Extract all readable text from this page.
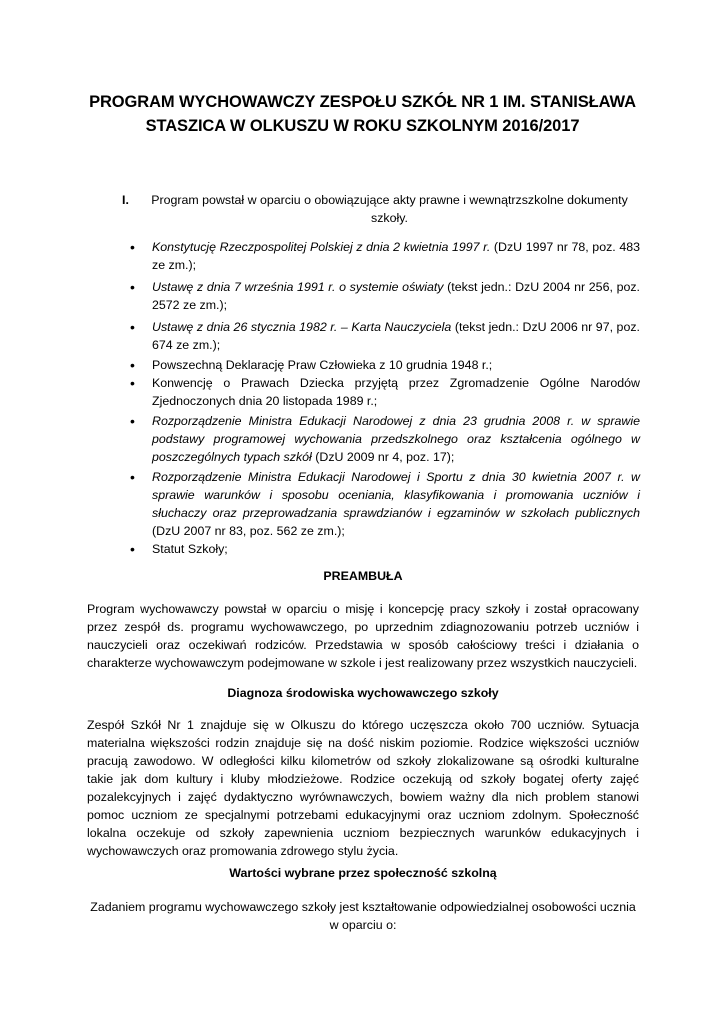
PROGRAM WYCHOWAWCZY ZESPOŁU SZKÓŁ NR 1 IM. STANISŁAWA STASZICA W OLKUSZU W ROKU SZKOLNYM 2016/2017
I.	Program powstał w oparciu o obowiązujące akty prawne i wewnątrzszkolne dokumenty szkoły.
• Konstytucję Rzeczpospolitej Polskiej z dnia 2 kwietnia 1997 r. (DzU 1997 nr 78, poz. 483 ze zm.);
• Ustawę z dnia 7 września 1991 r. o systemie oświaty (tekst jedn.: DzU 2004 nr 256, poz. 2572 ze zm.);
• Ustawę z dnia 26 stycznia 1982 r. – Karta Nauczyciela (tekst jedn.: DzU 2006 nr 97, poz. 674 ze zm.);
• Powszechną Deklarację Praw Człowieka z 10 grudnia 1948 r.;
• Konwencję o Prawach Dziecka przyjętą przez Zgromadzenie Ogólne Narodów Zjednoczonych dnia 20 listopada 1989 r.;
• Rozporządzenie Ministra Edukacji Narodowej z dnia 23 grudnia 2008 r. w sprawie podstawy programowej wychowania przedszkolnego oraz kształcenia ogólnego w poszczególnych typach szkół (DzU 2009 nr 4, poz. 17);
• Rozporządzenie Ministra Edukacji Narodowej i Sportu z dnia 30 kwietnia 2007 r. w sprawie warunków i sposobu oceniania, klasyfikowania i promowania uczniów i słuchaczy oraz przeprowadzania sprawdzianów i egzaminów w szkołach publicznych (DzU 2007 nr 83, poz. 562 ze zm.);
• Statut Szkoły;
PREAMBUŁA
Program wychowawczy powstał w oparciu o misję i koncepcję pracy szkoły i został opracowany przez zespół ds. programu wychowawczego, po uprzednim zdiagnozowaniu potrzeb uczniów i nauczycieli oraz oczekiwań rodziców. Przedstawia w sposób całościowy treści i działania o charakterze wychowawczym podejmowane w szkole i jest realizowany przez wszystkich nauczycieli.
Diagnoza środowiska wychowawczego szkoły
Zespół Szkół Nr 1 znajduje się w Olkuszu do którego uczęszcza około 700 uczniów. Sytuacja materialna większości rodzin znajduje się na dość niskim poziomie. Rodzice większości uczniów pracują zawodowo. W odległości kilku kilometrów od szkoły zlokalizowane są ośrodki kulturalne takie jak dom kultury i kluby młodzieżowe. Rodzice oczekują od szkoły bogatej oferty zajęć pozalekcyjnych i zajęć dydaktyczno wyrównawczych, bowiem ważny dla nich problem stanowi pomoc uczniom ze specjalnymi potrzebami edukacyjnymi oraz uczniom zdolnym. Społeczność lokalna oczekuje od szkoły zapewnienia uczniom bezpiecznych warunków edukacyjnych i wychowawczych oraz promowania zdrowego stylu życia.
Wartości wybrane przez społeczność szkolną
Zadaniem programu wychowawczego szkoły jest kształtowanie odpowiedzialnej osobowości ucznia w oparciu o:
